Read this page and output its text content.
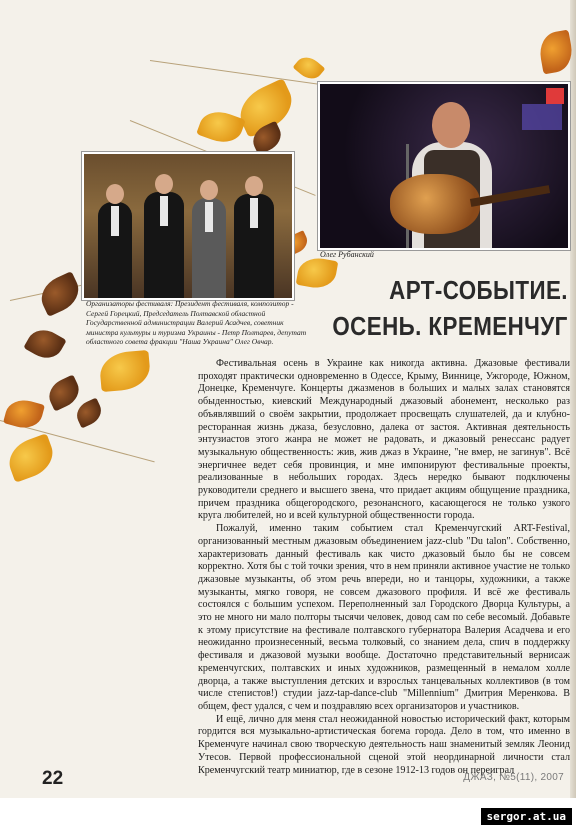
Олег Рубанский
Организаторы фестиваля: Президент фестиваля, композитор - Сергей Горецкий, Председатель Полтавской областной Государственной администрации Валерий Асадчев, советник министра культуры и туризма Украины - Петр Полтарев, депутат областного совета фракции "Наша Украина" Олег Овчар.
АРТ-СОБЫТИЕ.
ОСЕНЬ. КРЕМЕНЧУГ

Фестивальная осень в Украине как никогда активна. Джазовые фестивали проходят практически одновременно в Одессе, Крыму, Виннице, Ужгороде, Южном, Донецке, Кременчуге. Концерты джазменов в больших и малых залах становятся обыденностью, киевский Международный джазовый абонемент, несколько раз объявлявший о своём закрытии, продолжает просвещать слушателей, да и клубно-ресторанная жизнь джаза, безусловно, далека от застоя. Активная деятельность энтузиастов этого жанра не может не радовать, и джазовый ренессанс радует музыкальную общественность: жив, жив джаз в Украине, "не вмер, не загинув". Всё энергичнее ведет себя провинция, и мне импонируют фестивальные проекты, реализованные в небольших городах. Здесь нередко бывают подключены руководители среднего и высшего звена, что придает акциям общущение праздника, причем праздника общегородского, резонансного, касающегося не только узкого круга любителей, но и всей культурной общественности города.

Пожалуй, именно таким событием стал Кременчугский ART-Festival, организованный местным джазовым объединением jazz-club "Du talon". Собственно, характеризовать данный фестиваль как чисто джазовый было бы не совсем корректно. Хотя бы с той точки зрения, что в нем приняли активное участие не только джазовые музыканты, об этом речь впереди, но и танцоры, художники, а также музыканты, мягко говоря, не совсем джазового профиля. И всё же фестиваль состоялся с большим успехом. Переполненный зал Городского Дворца Культуры, а это не много ни мало полторы тысячи человек, довод сам по себе весомый. Добавьте к этому присутствие на фестивале полтавского губернатора Валерия Асадчева и его неожиданно произнесенный, весьма толковый, со знанием дела, спич в поддержку фестиваля и джазовой музыки вообще. Достаточно представительный вернисаж кременчугских, полтавских и иных художников, размещенный в немалом холле дворца, а также выступления детских и взрослых танцевальных коллективов (в том числе степистов!) студии jazz-tap-dance-club "Millennium" Дмитрия Меренкова. В общем, фест удался, с чем и поздравляю всех организаторов и участников.

И ещё, лично для меня стал неожиданной новостью исторический факт, которым гордится вся музыкально-артистическая богема города. Дело в том, что именно в Кременчуге начинал свою творческую деятельность наш знаменитый земляк Леонид Утесов. Первой профессиональной сценой этой неординарной личности стал Кременчугский театр миниатюр, где в сезоне 1912-13 годов он переиграл

22	ДЖАЗ, №5(11), 2007
sergor.at.ua
